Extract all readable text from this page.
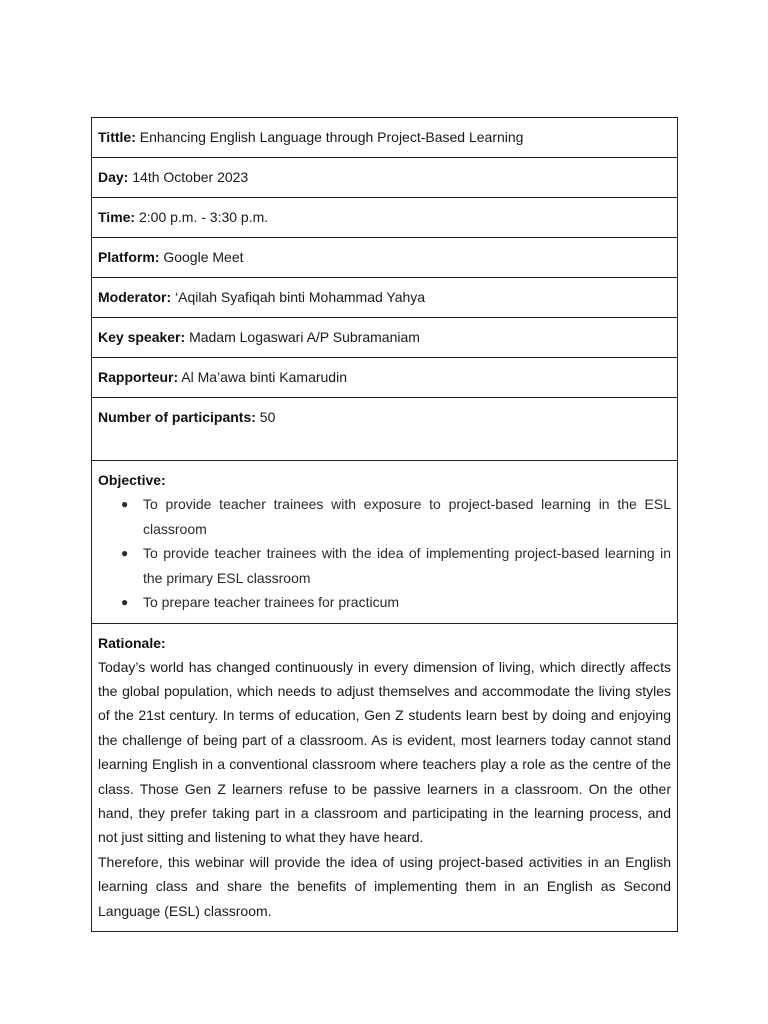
Tittle: Enhancing English Language through Project-Based Learning
Day: 14th October 2023
Time: 2:00 p.m. - 3:30 p.m.
Platform: Google Meet
Moderator: ‘Aqilah Syafiqah binti Mohammad Yahya
Key speaker: Madam Logaswari A/P Subramaniam
Rapporteur: Al Ma’awa binti Kamarudin
Number of participants: 50

Objective:
● To provide teacher trainees with exposure to project-based learning in the ESL classroom
● To provide teacher trainees with the idea of implementing project-based learning in the primary ESL classroom
● To prepare teacher trainees for practicum

Rationale:

Today’s world has changed continuously in every dimension of living, which directly affects the global population, which needs to adjust themselves and accommodate the living styles of the 21st century. In terms of education, Gen Z students learn best by doing and enjoying the challenge of being part of a classroom. As is evident, most learners today cannot stand learning English in a conventional classroom where teachers play a role as the centre of the class. Those Gen Z learners refuse to be passive learners in a classroom. On the other hand, they prefer taking part in a classroom and participating in the learning process, and not just sitting and listening to what they have heard.

Therefore, this webinar will provide the idea of using project-based activities in an English learning class and share the benefits of implementing them in an English as Second Language (ESL) classroom.
